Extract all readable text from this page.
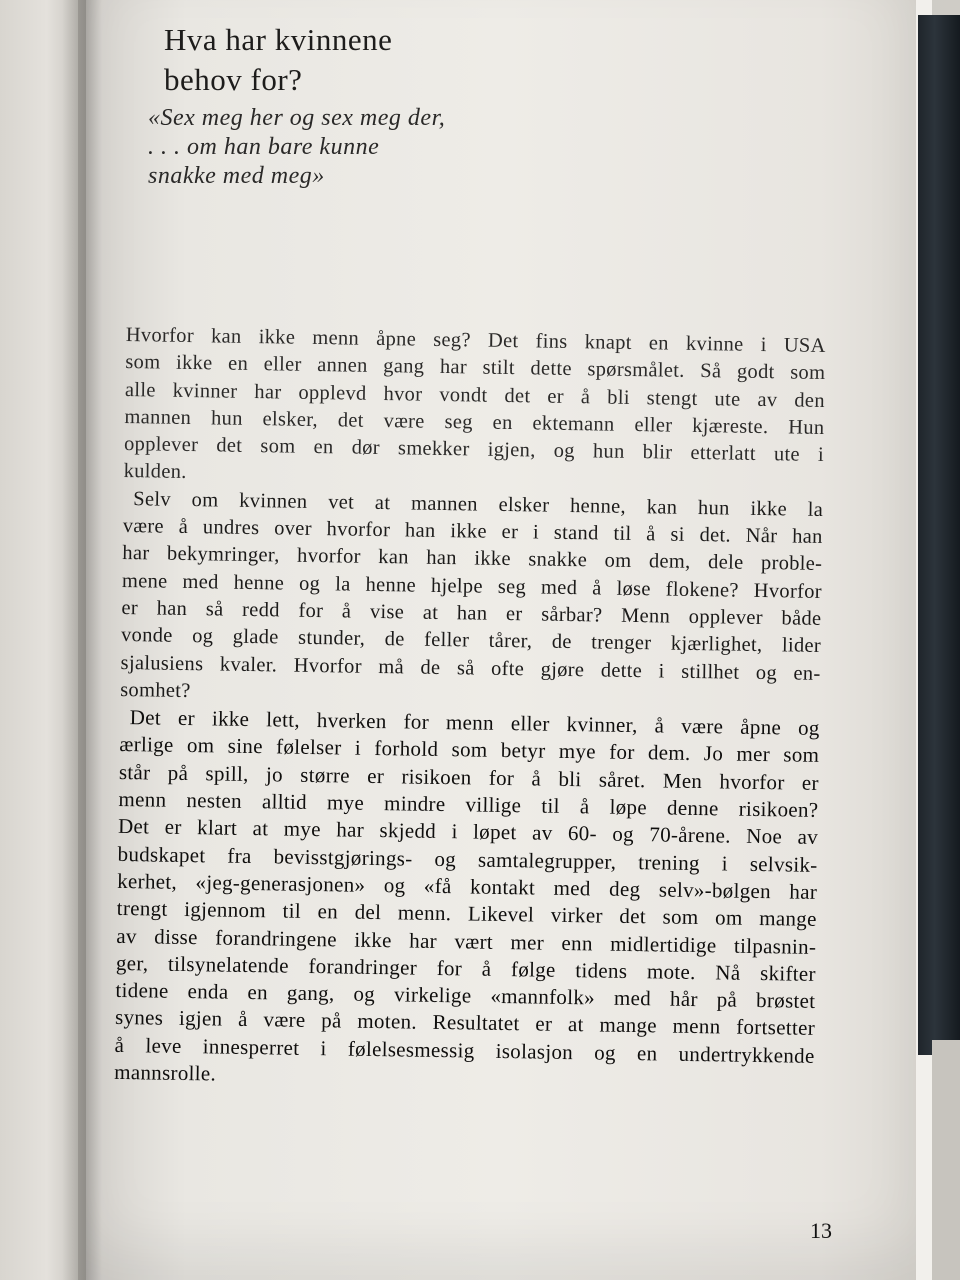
Hva har kvinnene
behov for?

«Sex meg her og sex meg der,
. . . om han bare kunne
snakke med meg»

Hvorfor kan ikke menn åpne seg? Det fins knapt en kvinne i USA
som ikke en eller annen gang har stilt dette spørsmålet. Så godt som
alle kvinner har opplevd hvor vondt det er å bli stengt ute av den
mannen hun elsker, det være seg en ektemann eller kjæreste. Hun
opplever det som en dør smekker igjen, og hun blir etterlatt ute i
kulden.

Selv om kvinnen vet at mannen elsker henne, kan hun ikke la
være å undres over hvorfor han ikke er i stand til å si det. Når han
har bekymringer, hvorfor kan han ikke snakke om dem, dele proble-
mene med henne og la henne hjelpe seg med å løse flokene? Hvorfor
er han så redd for å vise at han er sårbar? Menn opplever både
vonde og glade stunder, de feller tårer, de trenger kjærlighet, lider
sjalusiens kvaler. Hvorfor må de så ofte gjøre dette i stillhet og en-
somhet?

Det er ikke lett, hverken for menn eller kvinner, å være åpne og
ærlige om sine følelser i forhold som betyr mye for dem. Jo mer som
står på spill, jo større er risikoen for å bli såret. Men hvorfor er
menn nesten alltid mye mindre villige til å løpe denne risikoen?
Det er klart at mye har skjedd i løpet av 60- og 70-årene. Noe av
budskapet fra bevisstgjørings- og samtalegrupper, trening i selvsik-
kerhet, «jeg-generasjonen» og «få kontakt med deg selv»-bølgen har
trengt igjennom til en del menn. Likevel virker det som om mange
av disse forandringene ikke har vært mer enn midlertidige tilpasnin-
ger, tilsynelatende forandringer for å følge tidens mote. Nå skifter
tidene enda en gang, og virkelige «mannfolk» med hår på brøstet
synes igjen å være på moten. Resultatet er at mange menn fortsetter
å leve innesperret i følelsesmessig isolasjon og en undertrykkende
mannsrolle.

13
